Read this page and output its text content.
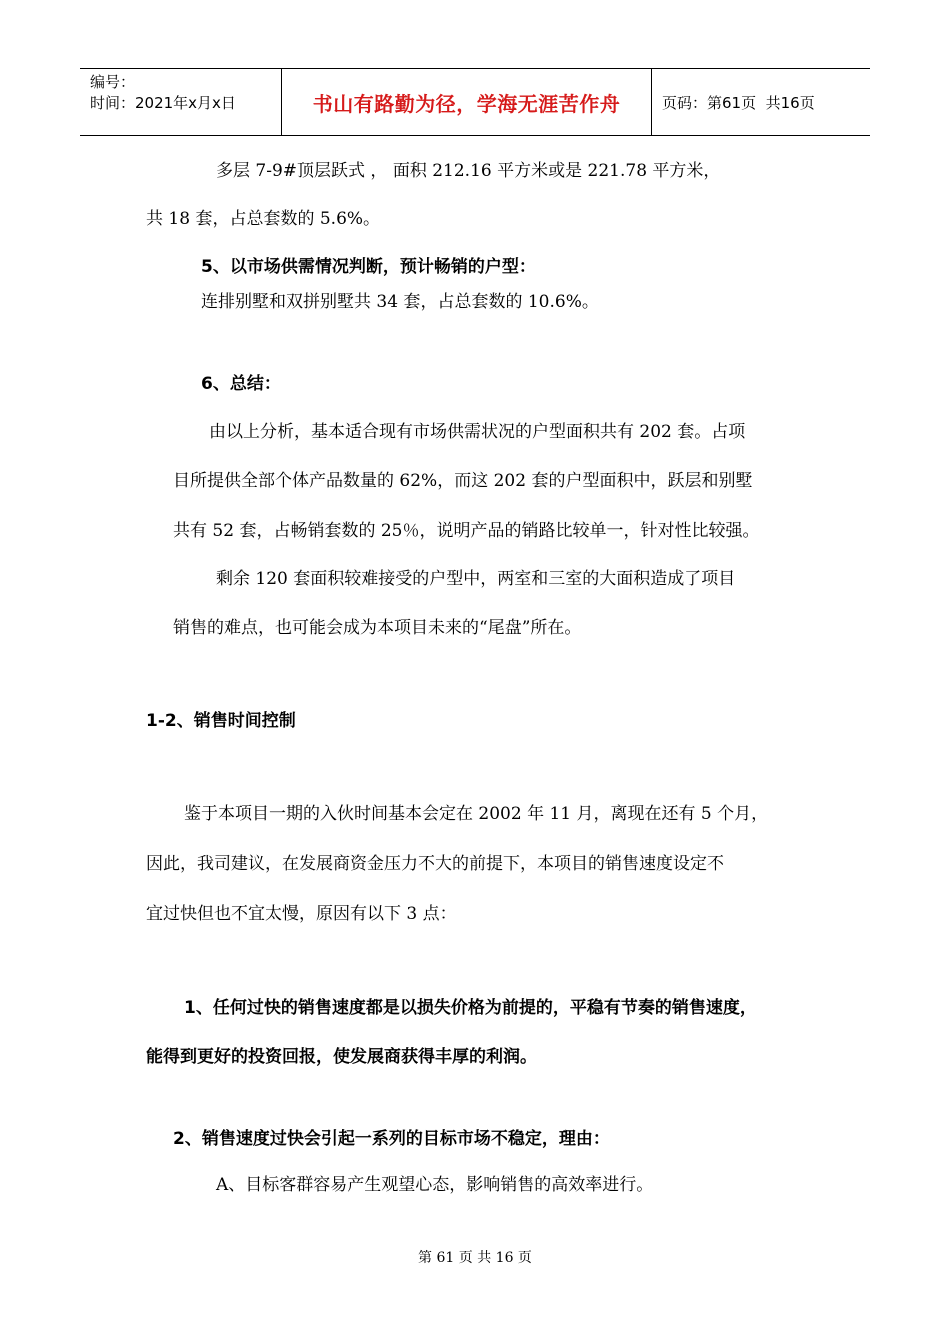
编号：
时间：2021年x月x日	书山有路勤为径，学海无涯苦作舟	页码：第61页  共16页
多层 7-9#顶层跃式 ， 面积 212.16 平方米或是 221.78 平方米，
共 18 套，占总套数的 5.6%。
5、以市场供需情况判断，预计畅销的户型：
连排别墅和双拼别墅共 34 套，占总套数的 10.6%。
6、总结：
由以上分析，基本适合现有市场供需状况的户型面积共有 202 套。占项
目所提供全部个体产品数量的 62%，而这 202 套的户型面积中，跃层和别墅
共有 52 套，占畅销套数的 25％，说明产品的销路比较单一，针对性比较强。
剩余 120 套面积较难接受的户型中，两室和三室的大面积造成了项目
销售的难点，也可能会成为本项目未来的“尾盘”所在。
1-2、销售时间控制
鉴于本项目一期的入伙时间基本会定在 2002 年 11 月，离现在还有 5 个月，
因此，我司建议，在发展商资金压力不大的前提下，本项目的销售速度设定不
宜过快但也不宜太慢，原因有以下 3 点：
1、任何过快的销售速度都是以损失价格为前提的，平稳有节奏的销售速度，
能得到更好的投资回报，使发展商获得丰厚的利润。
2、销售速度过快会引起一系列的目标市场不稳定，理由：
A、目标客群容易产生观望心态，影响销售的高效率进行。
第 61 页 共 16 页
